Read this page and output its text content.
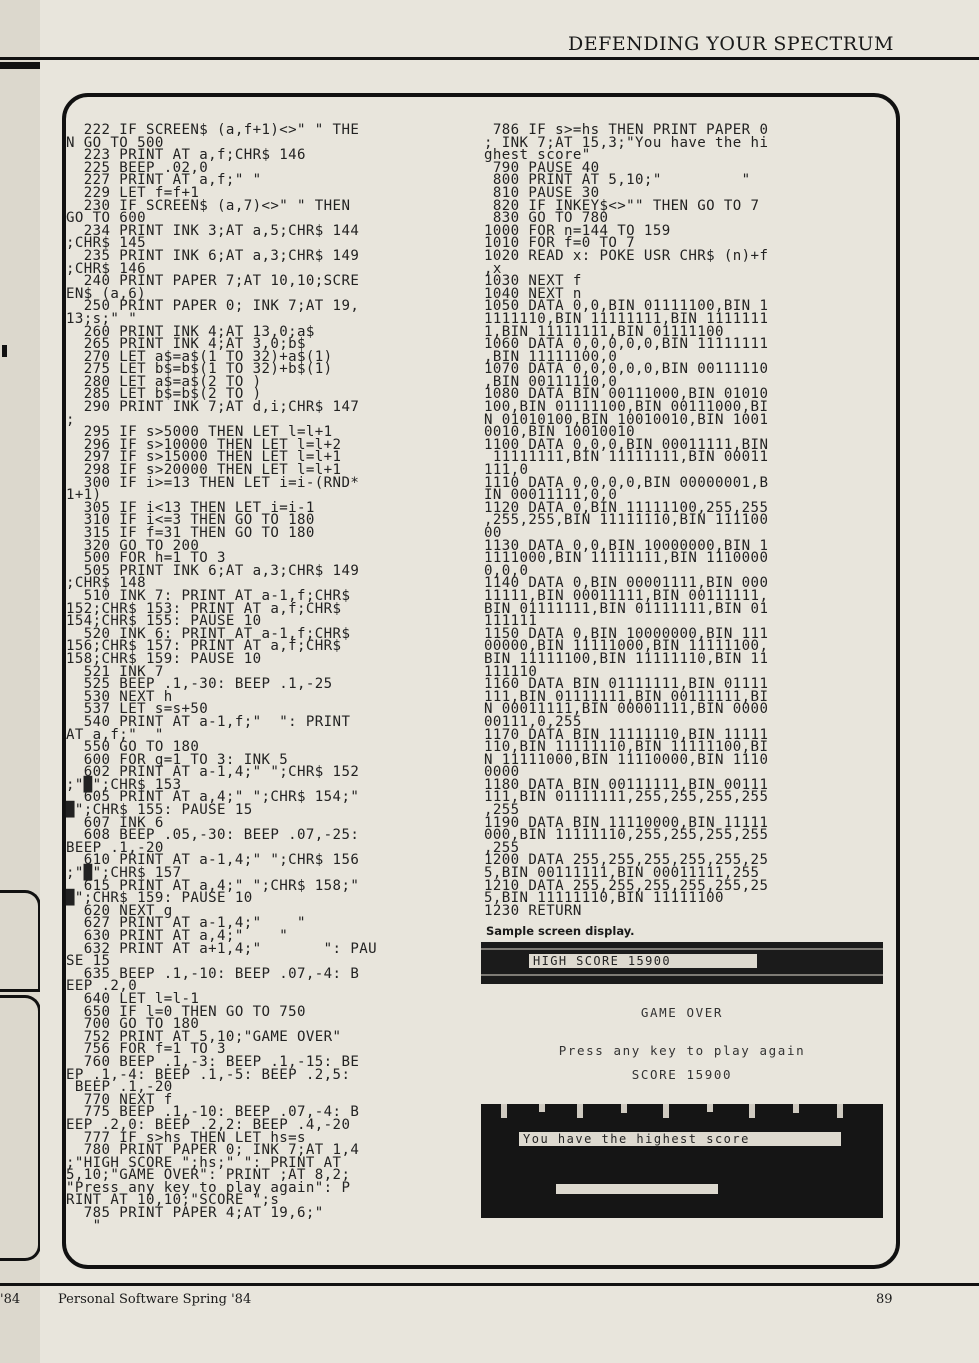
DEFENDING YOUR SPECTRUM
222 IF SCREEN$ (a,f+1)<>" " THE
N GO TO 500
223 PRINT AT a,f;CHR$ 146
225 BEEP .02,0
227 PRINT AT a,f;" "
229 LET f=f+1
230 IF SCREEN$ (a,7)<>" " THEN
GO TO 600
234 PRINT INK 3;AT a,5;CHR$ 144
;CHR$ 145
235 PRINT INK 6;AT a,3;CHR$ 149
;CHR$ 146
240 PRINT PAPER 7;AT 10,10;SCRE
EN$ (a,6)
250 PRINT PAPER 0; INK 7;AT 19,
13;s;" "
260 PRINT INK 4;AT 13,0;a$
265 PRINT INK 4;AT 3,0;b$
270 LET a$=a$(1 TO 32)+a$(1)
275 LET b$=b$(1 TO 32)+b$(1)
280 LET a$=a$(2 TO )
285 LET b$=b$(2 TO )
290 PRINT INK 7;AT d,i;CHR$ 147
;
295 IF s>5000 THEN LET l=l+1
296 IF s>10000 THEN LET l=l+2
297 IF s>15000 THEN LET l=l+1
298 IF s>20000 THEN LET l=l+1
300 IF i>=13 THEN LET i=i-(RND*
1+1)
305 IF i<13 THEN LET i=i-1
310 IF i<=3 THEN GO TO 180
315 IF f=31 THEN GO TO 180
320 GO TO 200
500 FOR h=1 TO 3
505 PRINT INK 6;AT a,3;CHR$ 149
;CHR$ 148
510 INK 7: PRINT AT a-1,f;CHR$
152;CHR$ 153: PRINT AT a,f;CHR$
154;CHR$ 155: PAUSE 10
520 INK 6: PRINT AT a-1,f;CHR$
156;CHR$ 157: PRINT AT a,f;CHR$
158;CHR$ 159: PAUSE 10
521 INK 7
525 BEEP .1,-30: BEEP .1,-25
530 NEXT h
537 LET s=s+50
540 PRINT AT a-1,f;"  ": PRINT
AT a,f;"  "
550 GO TO 180
600 FOR g=1 TO 3: INK 5
602 PRINT AT a-1,4;" ";CHR$ 152
;"█";CHR$ 153
605 PRINT AT a,4;" ";CHR$ 154;"
█";CHR$ 155: PAUSE 15
607 INK 6
608 BEEP .05,-30: BEEP .07,-25:
BEEP .1,-20
610 PRINT AT a-1,4;" ";CHR$ 156
;"█";CHR$ 157
615 PRINT AT a,4;" ";CHR$ 158;"
█";CHR$ 159: PAUSE 10
620 NEXT g
627 PRINT AT a-1,4;"    "
630 PRINT AT a,4;"    "
632 PRINT AT a+1,4;"       ": PAU
SE 15
635 BEEP .1,-10: BEEP .07,-4: B
EEP .2,0
640 LET l=l-1
650 IF l=0 THEN GO TO 750
700 GO TO 180
752 PRINT AT 5,10;"GAME OVER"
756 FOR f=1 TO 3
760 BEEP .1,-3: BEEP .1,-15: BE
EP .1,-4: BEEP .1,-5: BEEP .2,5:
BEEP .1,-20
770 NEXT f
775 BEEP .1,-10: BEEP .07,-4: B
EEP .2,0: BEEP .2,2: BEEP .4,-20
777 IF s>hs THEN LET hs=s
780 PRINT PAPER 0; INK 7;AT 1,4
;"HIGH SCORE ";hs;" ": PRINT AT
5,10;"GAME OVER": PRINT ;AT 8,2;
"Press any key to play again": P
RINT AT 10,10;"SCORE ";s
785 PRINT PAPER 4;AT 19,6;"
"
786 IF s>=hs THEN PRINT PAPER 0
; INK 7;AT 15,3;"You have the hi
ghest score"
790 PAUSE 40
800 PRINT AT 5,10;"         "
810 PAUSE 30
820 IF INKEY$<>"" THEN GO TO 7
830 GO TO 780
1000 FOR n=144 TO 159
1010 FOR f=0 TO 7
1020 READ x: POKE USR CHR$ (n)+f
,x
1030 NEXT f
1040 NEXT n
1050 DATA 0,0,BIN 01111100,BIN 1
1111110,BIN 11111111,BIN 1111111
1,BIN 11111111,BIN 01111100
1060 DATA 0,0,0,0,0,BIN 11111111
,BIN 11111100,0
1070 DATA 0,0,0,0,0,BIN 00111110
,BIN 00111110,0
1080 DATA BIN 00111000,BIN 01010
100,BIN 01111100,BIN 00111000,BI
N 01010100,BIN 10010010,BIN 1001
0010,BIN 10010010
1100 DATA 0,0,0,BIN 00011111,BIN
11111111,BIN 11111111,BIN 00011
111,0
1110 DATA 0,0,0,0,BIN 00000001,B
IN 00011111,0,0
1120 DATA 0,BIN 11111100,255,255
,255,255,BIN 11111110,BIN 111100
00
1130 DATA 0,0,BIN 10000000,BIN 1
1111000,BIN 11111111,BIN 1110000
0,0,0
1140 DATA 0,BIN 00001111,BIN 000
11111,BIN 00011111,BIN 00111111,
BIN 01111111,BIN 01111111,BIN 01
111111
1150 DATA 0,BIN 10000000,BIN 111
00000,BIN 11111000,BIN 11111100,
BIN 11111100,BIN 11111110,BIN 11
111110
1160 DATA BIN 01111111,BIN 01111
111,BIN 01111111,BIN 00111111,BI
N 00011111,BIN 00001111,BIN 0000
00111,0,255
1170 DATA BIN 11111110,BIN 11111
110,BIN 11111110,BIN 11111100,BI
N 11111000,BIN 11110000,BIN 1110
0000
1180 DATA BIN 00111111,BIN 00111
111,BIN 01111111,255,255,255,255
,255
1190 DATA BIN 11110000,BIN 11111
000,BIN 11111110,255,255,255,255
,255
1200 DATA 255,255,255,255,255,25
5,BIN 00111111,BIN 00011111,255
1210 DATA 255,255,255,255,255,25
5,BIN 11111110,BIN 11111100
1230 RETURN
Sample screen display.
HIGH SCORE 15900
GAME OVER
Press any key to play again
SCORE 15900
You have the highest score
'84	Personal Software Spring '84	89
